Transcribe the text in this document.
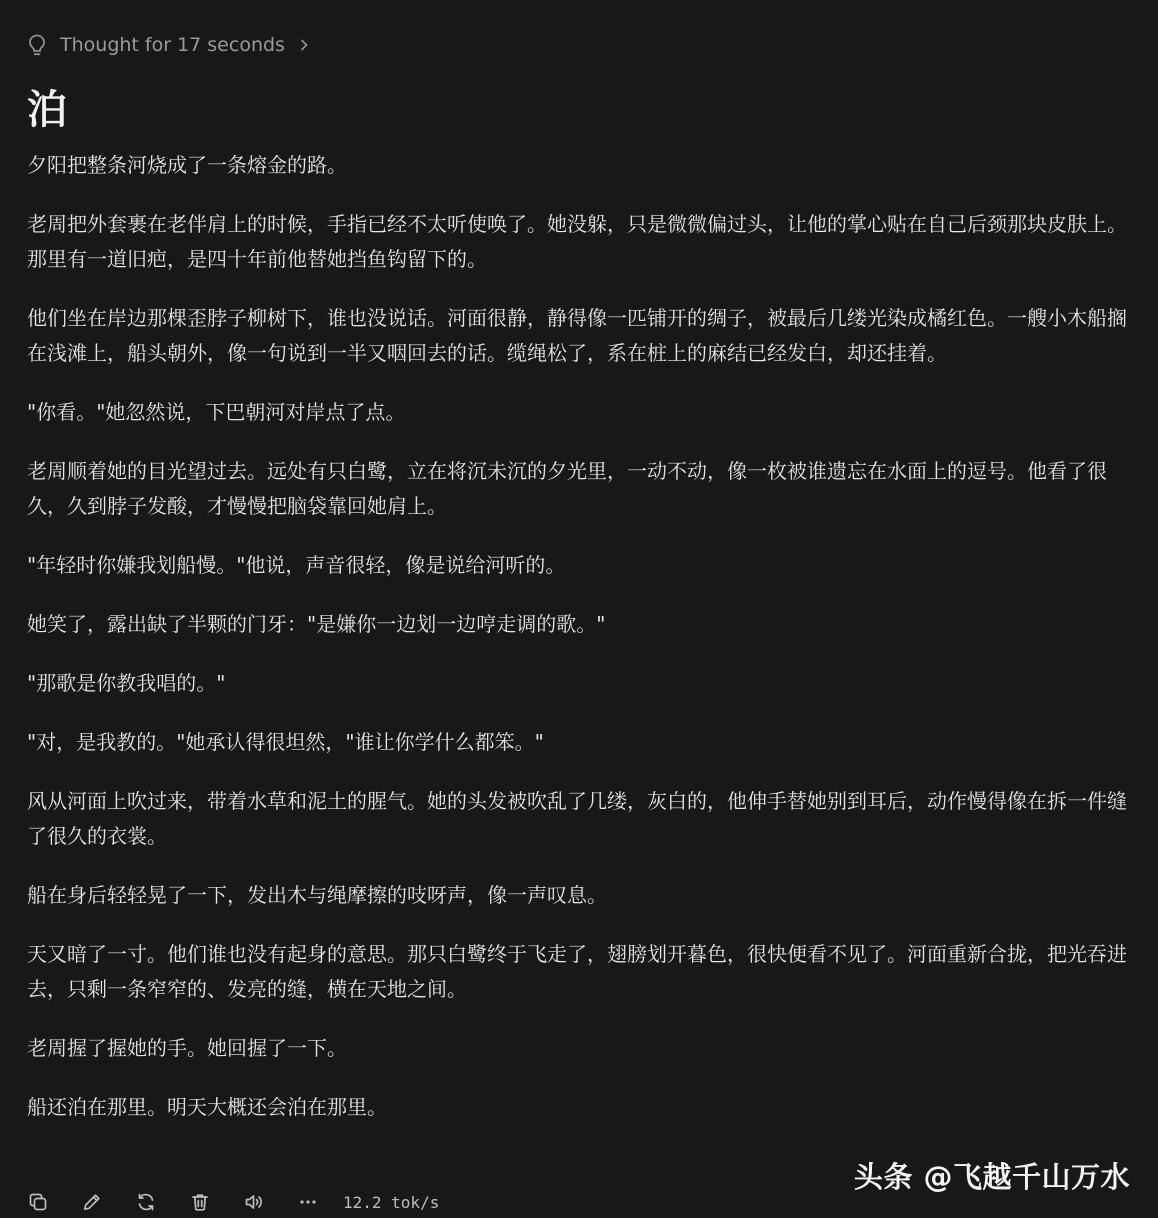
Thought for 17 seconds
泊

夕阳把整条河烧成了一条熔金的路。

老周把外套裹在老伴肩上的时候，手指已经不太听使唤了。她没躲，只是微微偏过头，让他的掌心贴在自己后颈那块皮肤上。那里有一道旧疤，是四十年前他替她挡鱼钩留下的。

他们坐在岸边那棵歪脖子柳树下，谁也没说话。河面很静，静得像一匹铺开的绸子，被最后几缕光染成橘红色。一艘小木船搁在浅滩上，船头朝外，像一句说到一半又咽回去的话。缆绳松了，系在桩上的麻结已经发白，却还挂着。

"你看。"她忽然说，下巴朝河对岸点了点。

老周顺着她的目光望过去。远处有只白鹭，立在将沉未沉的夕光里，一动不动，像一枚被谁遗忘在水面上的逗号。他看了很久，久到脖子发酸，才慢慢把脑袋靠回她肩上。

"年轻时你嫌我划船慢。"他说，声音很轻，像是说给河听的。

她笑了，露出缺了半颗的门牙："是嫌你一边划一边哼走调的歌。"

"那歌是你教我唱的。"

"对，是我教的。"她承认得很坦然，"谁让你学什么都笨。"

风从河面上吹过来，带着水草和泥土的腥气。她的头发被吹乱了几缕，灰白的，他伸手替她别到耳后，动作慢得像在拆一件缝了很久的衣裳。

船在身后轻轻晃了一下，发出木与绳摩擦的吱呀声，像一声叹息。

天又暗了一寸。他们谁也没有起身的意思。那只白鹭终于飞走了，翅膀划开暮色，很快便看不见了。河面重新合拢，把光吞进去，只剩一条窄窄的、发亮的缝，横在天地之间。

老周握了握她的手。她回握了一下。

船还泊在那里。明天大概还会泊在那里。

12.2 tok/s
头条 @飞越千山万水
